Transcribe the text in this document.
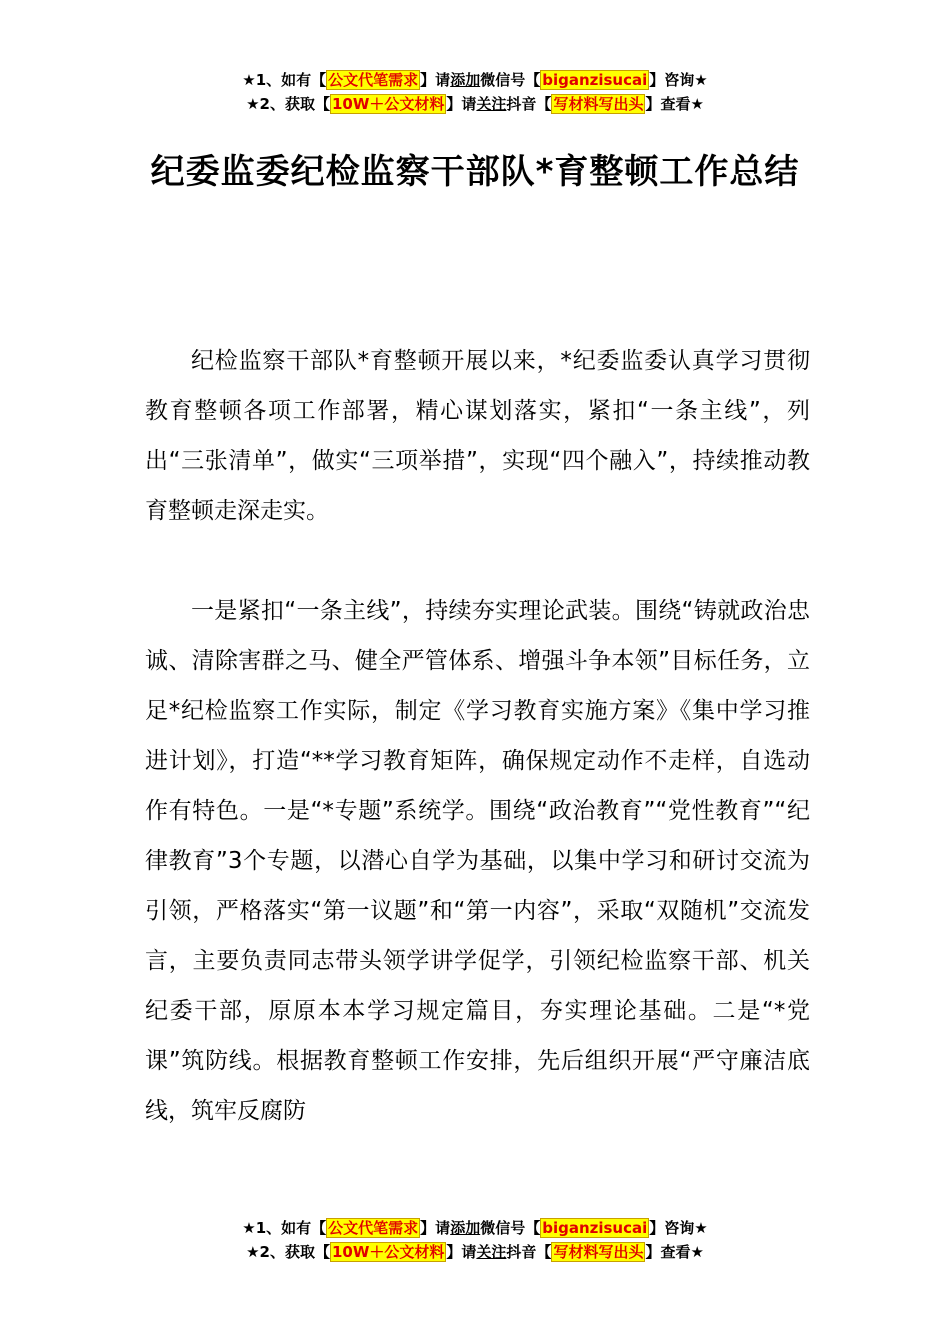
★1、如有【 公文代笔需求 】请添加微信号【 biganzisucai 】咨询★
★2、获取【 10W＋公文材料 】请关注抖音【 写材料写出头 】查看★
纪委监委纪检监察干部队*育整顿工作总结

纪检监察干部队*育整顿开展以来，*纪委监委认真学习贯彻教育整顿各项工作部署，精心谋划落实，紧扣“一条主线”，列出“三张清单”，做实“三项举措”，实现“四个融入”，持续推动教育整顿走深走实。

一是紧扣“一条主线”，持续夯实理论武装。围绕“铸就政治忠诚、清除害群之马、健全严管体系、增强斗争本领”目标任务，立足*纪检监察工作实际，制定《学习教育实施方案》《集中学习推进计划》，打造“**学习教育矩阵，确保规定动作不走样，自选动作有特色。一是“*专题”系统学。围绕“政治教育”“党性教育”“纪律教育”3个专题，以潜心自学为基础，以集中学习和研讨交流为引领，严格落实“第一议题”和“第一内容”，采取“双随机”交流发言，主要负责同志带头领学讲学促学，引领纪检监察干部、机关纪委干部，原原本本学习规定篇目，夯实理论基础。二是“*党课”筑防线。根据教育整顿工作安排，先后组织开展“严守廉洁底线，筑牢反腐防

★1、如有【 公文代笔需求 】请添加微信号【 biganzisucai 】咨询★
★2、获取【 10W＋公文材料 】请关注抖音【 写材料写出头 】查看★
